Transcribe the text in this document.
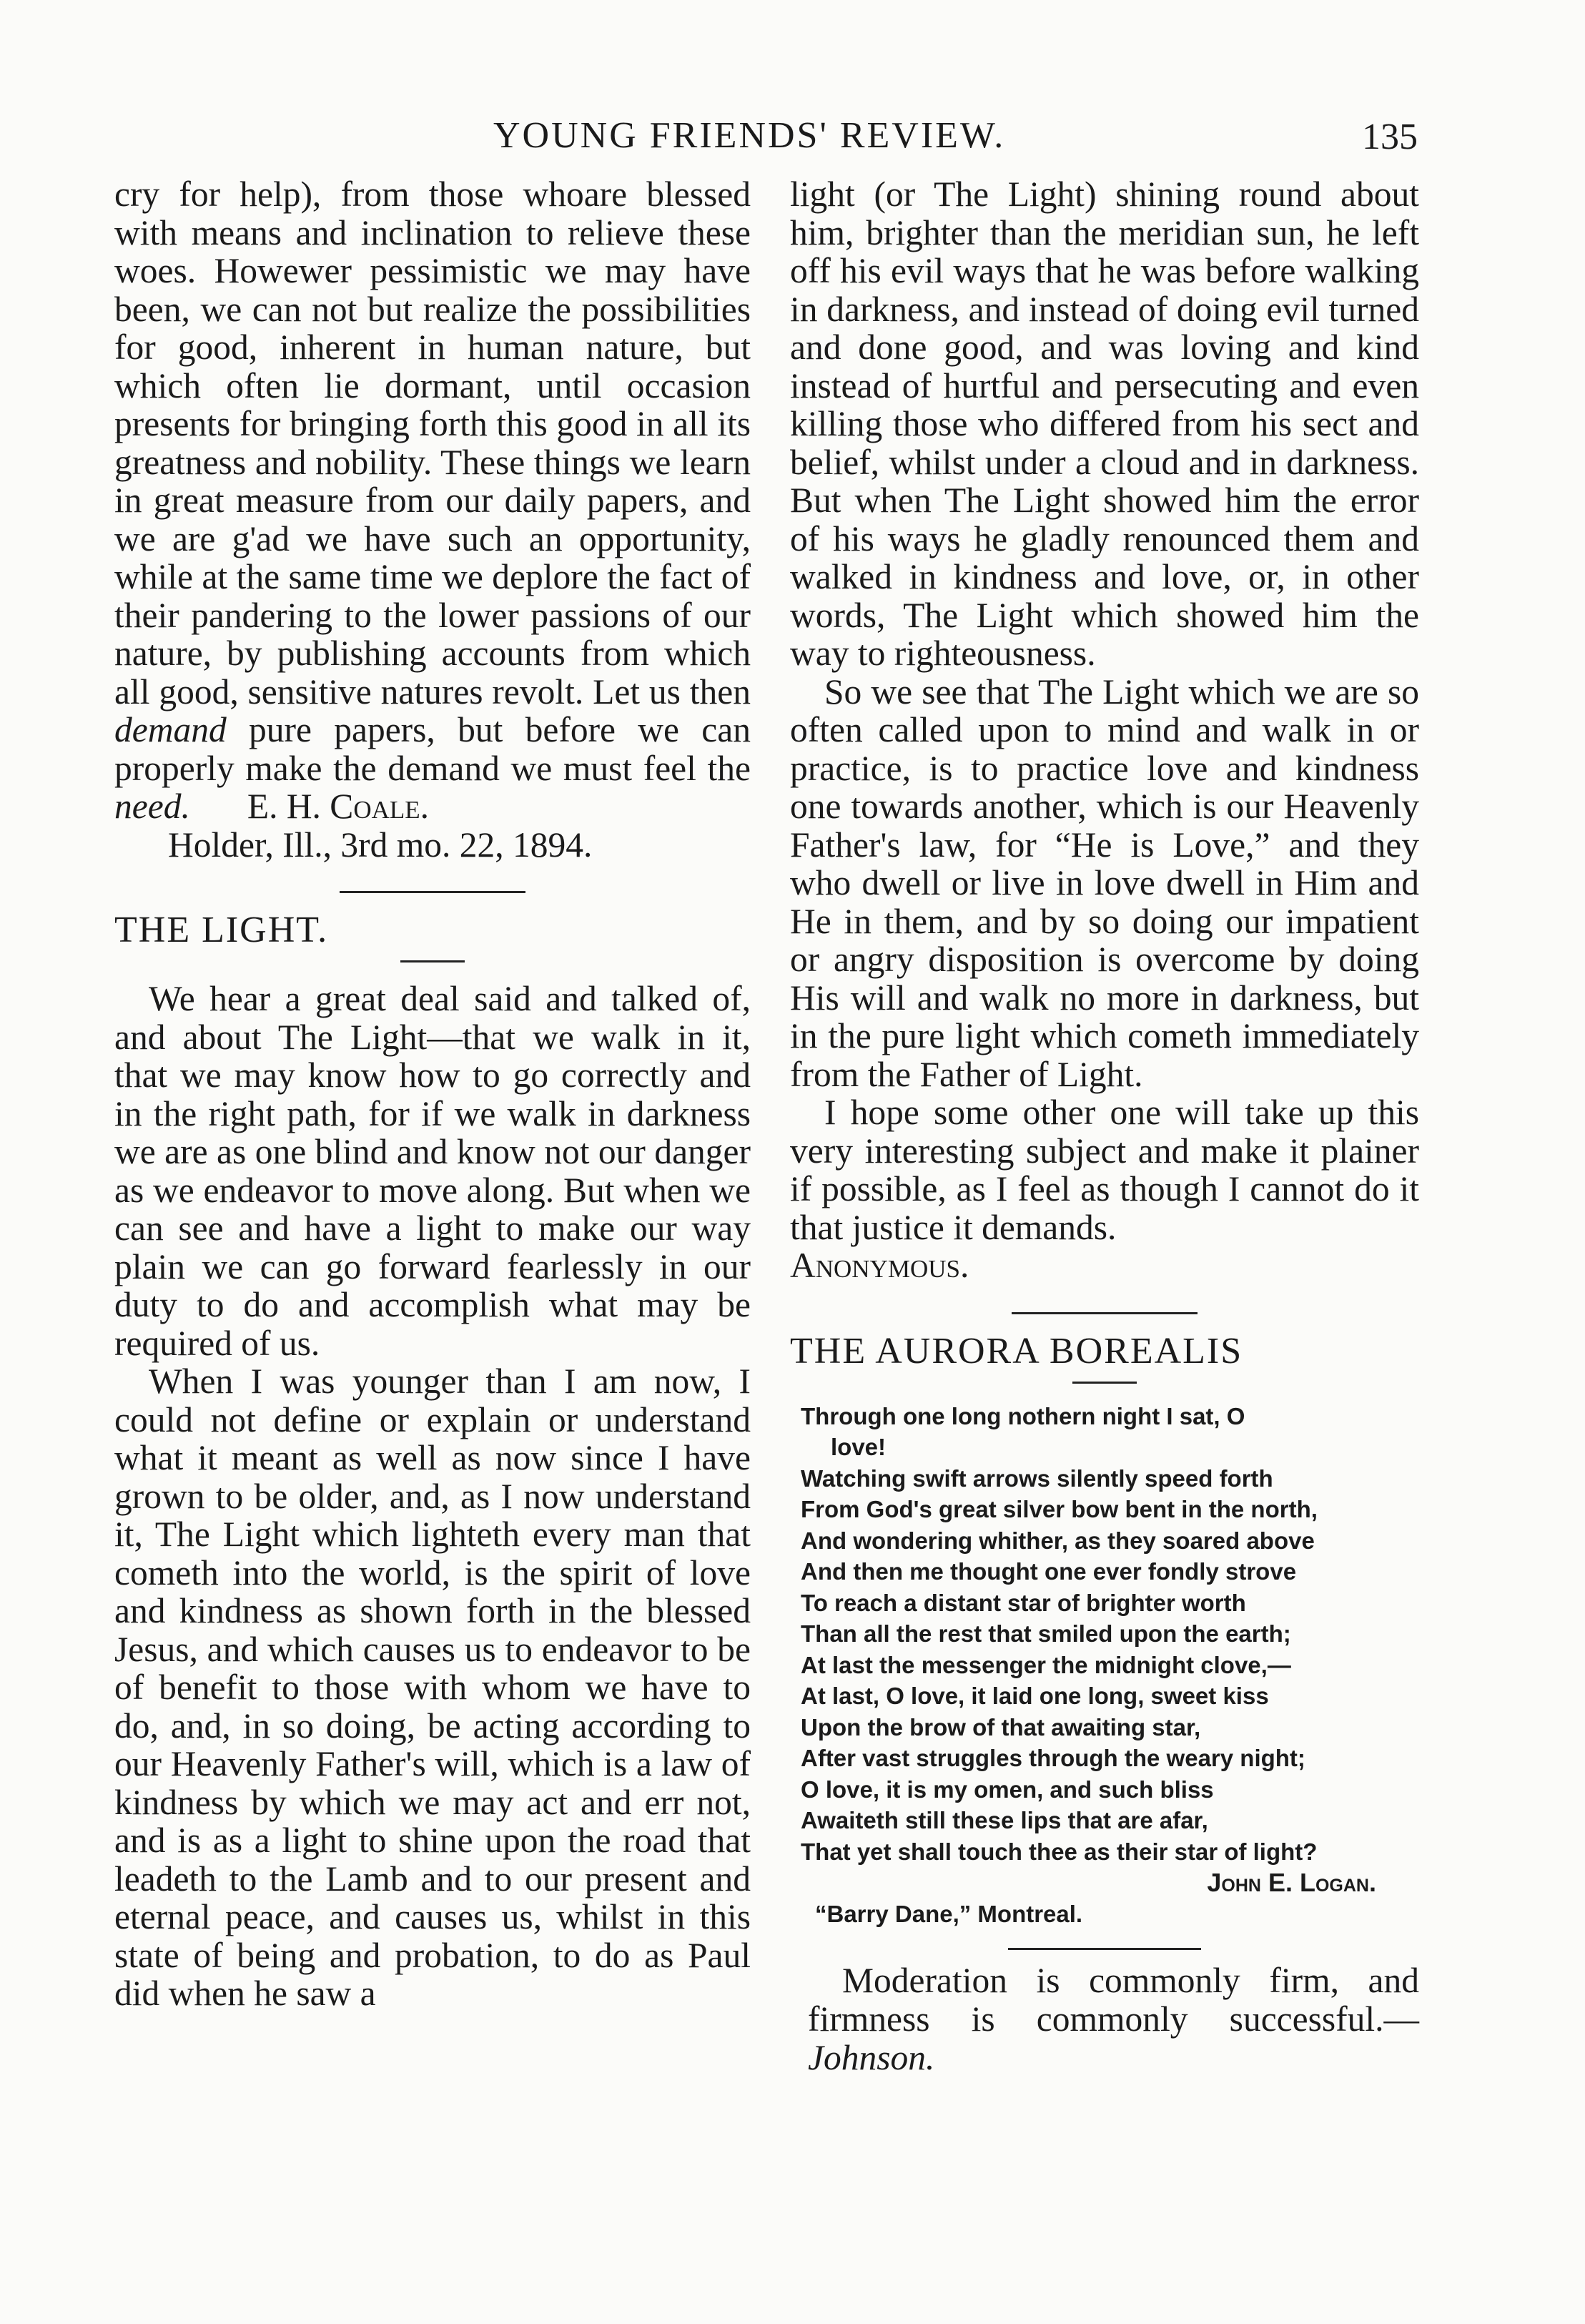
YOUNG FRIENDS' REVIEW.	135

cry for help), from those whoare blessed with means and inclination to relieve these woes. Howewer pessimistic we may have been, we can not but realize the possibilities for good, inherent in human nature, but which often lie dormant, until occasion presents for bringing forth this good in all its greatness and nobility. These things we learn in great measure from our daily papers, and we are g'ad we have such an opportunity, while at the same time we deplore the fact of their pandering to the lower passions of our nature, by publishing accounts from which all good, sensitive natures revolt. Let us then demand pure papers, but before we can properly make the demand we must feel the need. E. H. Coale.

Holder, Ill., 3rd mo. 22, 1894.

THE LIGHT.

We hear a great deal said and talked of, and about The Light—that we walk in it, that we may know how to go correctly and in the right path, for if we walk in darkness we are as one blind and know not our danger as we endeavor to move along. But when we can see and have a light to make our way plain we can go forward fearlessly in our duty to do and accomplish what may be required of us.

When I was younger than I am now, I could not define or explain or understand what it meant as well as now since I have grown to be older, and, as I now understand it, The Light which lighteth every man that cometh into the world, is the spirit of love and kindness as shown forth in the blessed Jesus, and which causes us to endeavor to be of benefit to those with whom we have to do, and, in so doing, be acting according to our Heavenly Father's will, which is a law of kindness by which we may act and err not, and is as a light to shine upon the road that leadeth to the Lamb and to our present and eternal peace, and causes us, whilst in this state of being and probation, to do as Paul did when he saw a

light (or The Light) shining round about him, brighter than the meridian sun, he left off his evil ways that he was before walking in darkness, and instead of doing evil turned and done good, and was loving and kind instead of hurtful and persecuting and even killing those who differed from his sect and belief, whilst under a cloud and in darkness. But when The Light showed him the error of his ways he gladly renounced them and walked in kindness and love, or, in other words, The Light which showed him the way to righteousness.

So we see that The Light which we are so often called upon to mind and walk in or practice, is to practice love and kindness one towards another, which is our Heavenly Father's law, for “He is Love,” and they who dwell or live in love dwell in Him and He in them, and by so doing our impatient or angry disposition is overcome by doing His will and walk no more in darkness, but in the pure light which cometh immediately from the Father of Light.

I hope some other one will take up this very interesting subject and make it plainer if possible, as I feel as though I cannot do it that justice it demands.

Anonymous.

THE AURORA BOREALIS

Through one long nothern night I sat, O
love!
Watching swift arrows silently speed forth
From God's great silver bow bent in the north,
And wondering whither, as they soared above
And then me thought one ever fondly strove
To reach a distant star of brighter worth
Than all the rest that smiled upon the earth;
At last the messenger the midnight clove,—
At last, O love, it laid one long, sweet kiss
Upon the brow of that awaiting star,
After vast struggles through the weary night;
O love, it is my omen, and such bliss
Awaiteth still these lips that are afar,
That yet shall touch thee as their star of light?
John E. Logan.
“Barry Dane,” Montreal.

Moderation is commonly firm, and firmness is commonly successful.— Johnson.
